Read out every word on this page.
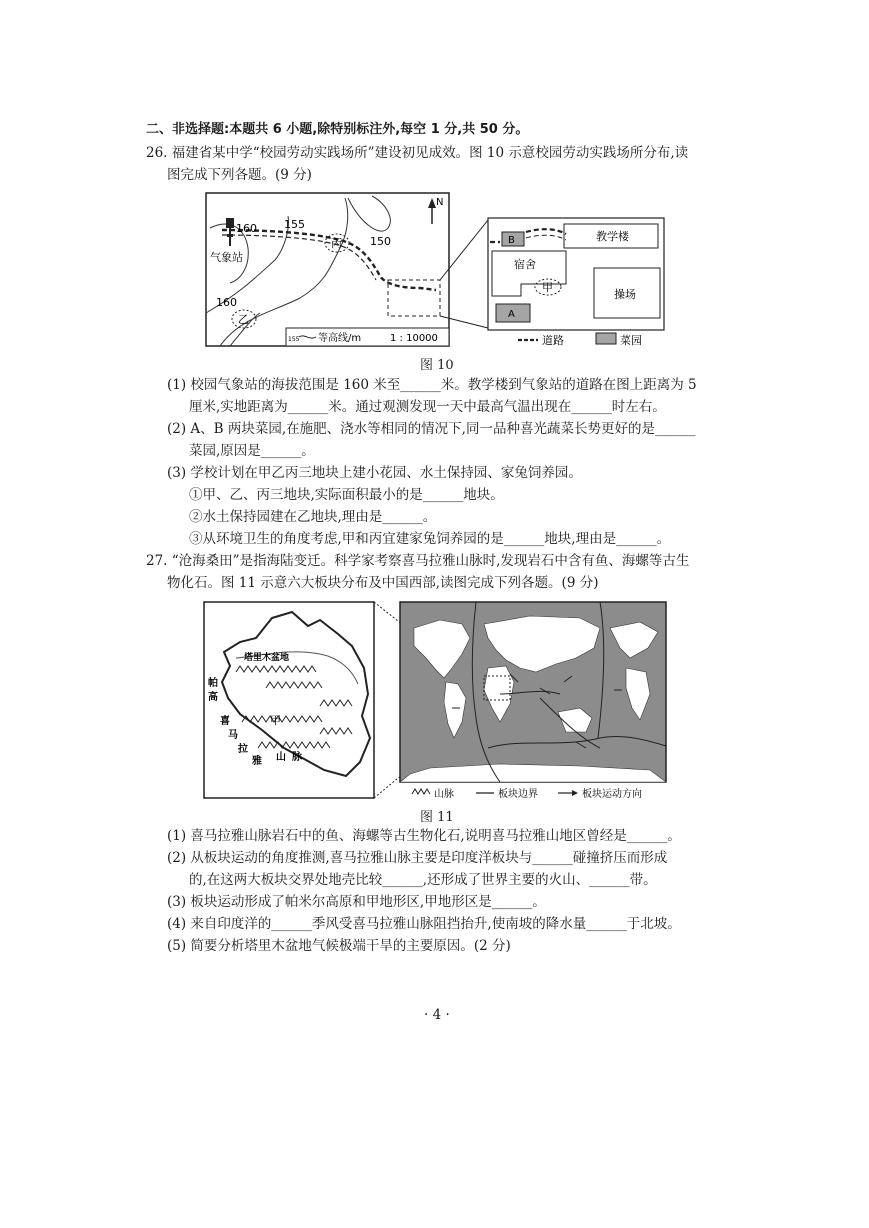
二、非选择题:本题共 6 小题,除特别标注外,每空 1 分,共 50 分。
26. 福建省某中学“校园劳动实践场所”建设初见成效。图 10 示意校园劳动实践场所分布,读
图完成下列各题。(9 分)
160 155
150
160
气象站
丙
乙
N
155 等高线/m	1 : 10000
教学楼
宿舍
操场
B
A
甲
道路	菜园
图 10
(1) 校园气象站的海拔范围是 160 米至______米。教学楼到气象站的道路在图上距离为 5
厘米,实地距离为______米。通过观测发现一天中最高气温出现在______时左右。
(2) A、B 两块菜园,在施肥、浇水等相同的情况下,同一品种喜光蔬菜长势更好的是______
菜园,原因是______。
(3) 学校计划在甲乙丙三地块上建小花园、水土保持园、家兔饲养园。
①甲、乙、丙三地块,实际面积最小的是______地块。
②水土保持园建在乙地块,理由是______。
③从环境卫生的角度考虑,甲和丙宜建家兔饲养园的是______地块,理由是______。
27. “沧海桑田”是指海陆变迁。科学家考察喜马拉雅山脉时,发现岩石中含有鱼、海螺等古生
物化石。图 11 示意六大板块分布及中国西部,读图完成下列各题。(9 分)
塔里木盆地
帕
高
甲
喜
马
拉
雅 山 脉
山脉	板块边界	板块运动方向
图 11
(1) 喜马拉雅山脉岩石中的鱼、海螺等古生物化石,说明喜马拉雅山地区曾经是______。
(2) 从板块运动的角度推测,喜马拉雅山脉主要是印度洋板块与______碰撞挤压而形成
的,在这两大板块交界处地壳比较______,还形成了世界主要的火山、______带。
(3) 板块运动形成了帕米尔高原和甲地形区,甲地形区是______。
(4) 来自印度洋的______季风受喜马拉雅山脉阻挡抬升,使南坡的降水量______于北坡。
(5) 简要分析塔里木盆地气候极端干旱的主要原因。(2 分)
· 4 ·
